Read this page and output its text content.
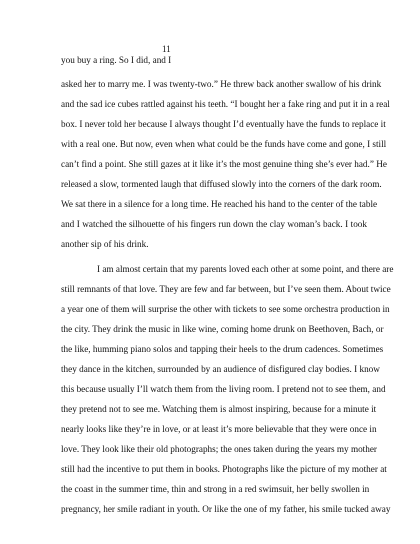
11
you buy a ring. So I did, and I
asked her to marry me. I was twenty-two.” He threw back another swallow of his drink
and the sad ice cubes rattled against his teeth. “I bought her a fake ring and put it in a real
box. I never told her because I always thought I’d eventually have the funds to replace it
with a real one. But now, even when what could be the funds have come and gone, I still
can’t find a point. She still gazes at it like it’s the most genuine thing she’s ever had.” He
released a slow, tormented laugh that diffused slowly into the corners of the dark room.
We sat there in a silence for a long time. He reached his hand to the center of the table
and I watched the silhouette of his fingers run down the clay woman’s back. I took
another sip of his drink.
I am almost certain that my parents loved each other at some point, and there are
still remnants of that love. They are few and far between, but I’ve seen them. About twice
a year one of them will surprise the other with tickets to see some orchestra production in
the city. They drink the music in like wine, coming home drunk on Beethoven, Bach, or
the like, humming piano solos and tapping their heels to the drum cadences. Sometimes
they dance in the kitchen, surrounded by an audience of disfigured clay bodies. I know
this because usually I’ll watch them from the living room. I pretend not to see them, and
they pretend not to see me. Watching them is almost inspiring, because for a minute it
nearly looks like they’re in love, or at least it’s more believable that they were once in
love. They look like their old photographs; the ones taken during the years my mother
still had the incentive to put them in books. Photographs like the picture of my mother at
the coast in the summer time, thin and strong in a red swimsuit, her belly swollen in
pregnancy, her smile radiant in youth. Or like the one of my father, his smile tucked away
